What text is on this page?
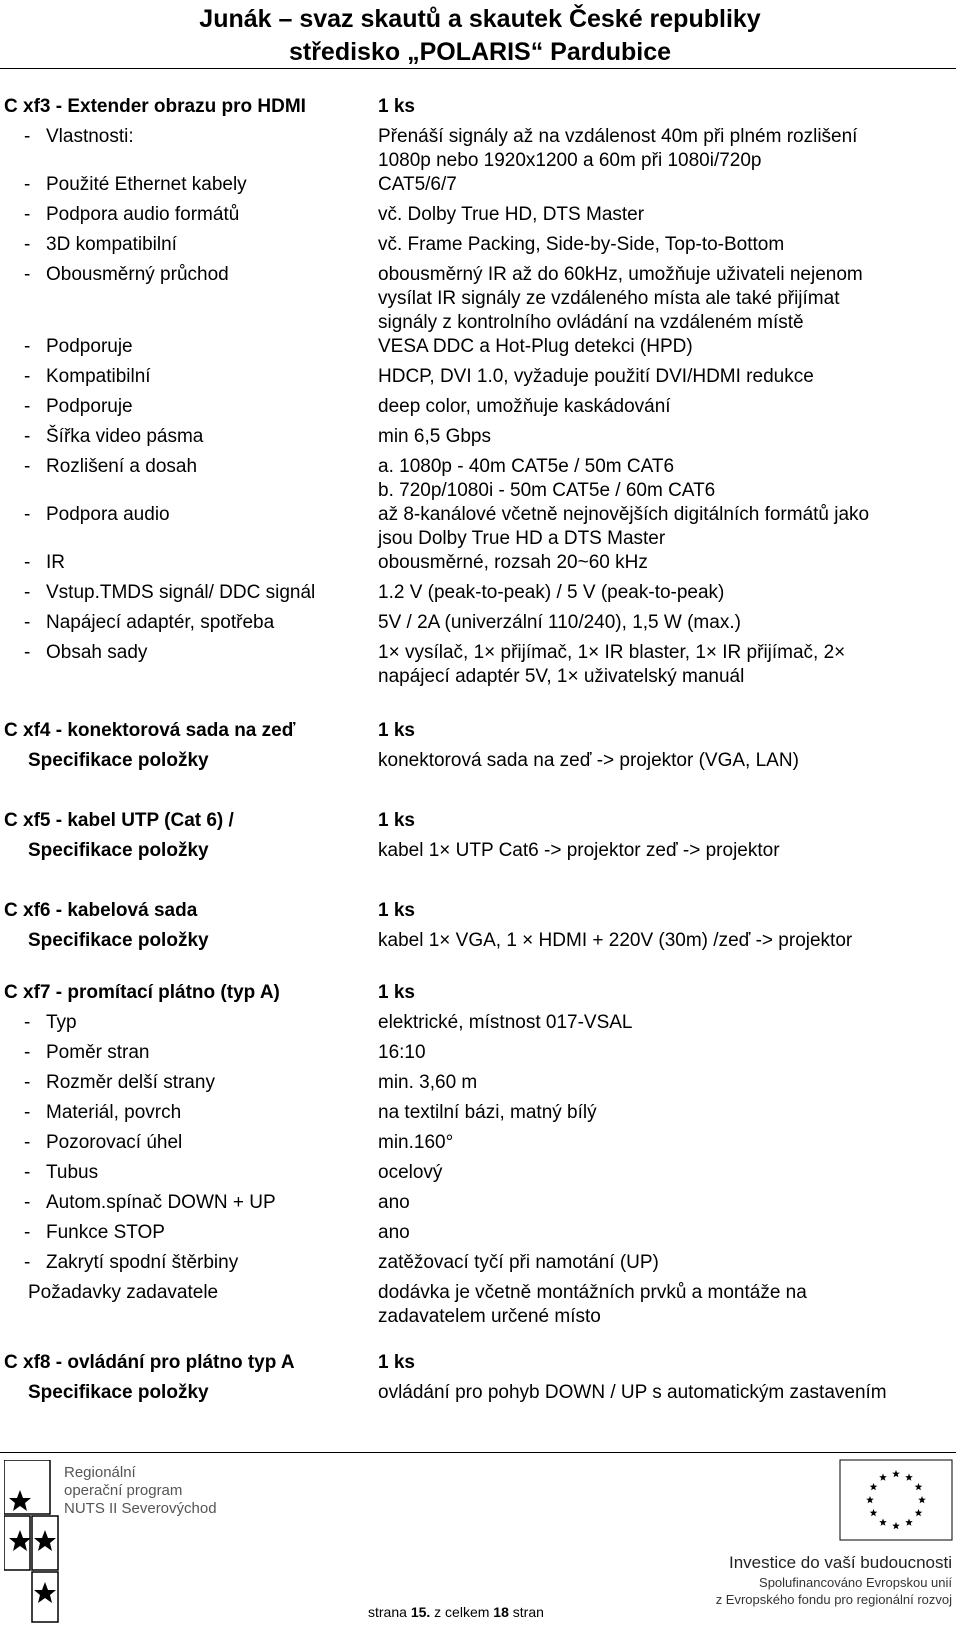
Junák – svaz skautů a skautek České republiky
středisko „POLARIS“ Pardubice
C xf3 - Extender obrazu pro HDMI	1 ks
- Vlastnosti:	Přenáší signály až na vzdálenost 40m při plném rozlišení
1080p nebo 1920x1200 a 60m při 1080i/720p
- Použité Ethernet kabely	CAT5/6/7
- Podpora audio formátů	vč. Dolby True HD, DTS Master
- 3D kompatibilní	vč. Frame Packing, Side-by-Side, Top-to-Bottom
- Obousměrný průchod	obousměrný IR až do 60kHz, umožňuje uživateli nejenom
vysílat IR signály ze vzdáleného místa ale také přijímat
signály z kontrolního ovládání na vzdáleném místě
- Podporuje	VESA DDC a Hot-Plug detekci (HPD)
- Kompatibilní	HDCP, DVI 1.0, vyžaduje použití DVI/HDMI redukce
- Podporuje	deep color, umožňuje kaskádování
- Šířka video pásma	min 6,5 Gbps
- Rozlišení a dosah	a. 1080p - 40m CAT5e / 50m CAT6
b. 720p/1080i - 50m CAT5e / 60m CAT6
- Podpora audio	až 8-kanálové včetně nejnovějších digitálních formátů jako
jsou Dolby True HD a DTS Master
- IR	obousměrné, rozsah 20~60 kHz
- Vstup.TMDS signál/ DDC signál	1.2 V (peak-to-peak) / 5 V (peak-to-peak)
- Napájecí adaptér, spotřeba	5V / 2A (univerzální 110/240), 1,5 W (max.)
- Obsah sady	1× vysílač, 1× přijímač, 1× IR blaster, 1× IR přijímač, 2×
napájecí adaptér 5V, 1× uživatelský manuál
C xf4 - konektorová sada na zeď	1 ks
Specifikace položky	konektorová sada na zeď -> projektor (VGA, LAN)
C xf5 - kabel UTP (Cat 6) /	1 ks
Specifikace položky	kabel 1× UTP Cat6 -> projektor zeď -> projektor
C xf6 - kabelová sada	1 ks
Specifikace položky	kabel 1× VGA, 1 × HDMI + 220V (30m) /zeď -> projektor
C xf7 - promítací plátno (typ A)	1 ks
- Typ	elektrické, místnost 017-VSAL
- Poměr stran	16:10
- Rozměr delší strany	min. 3,60 m
- Materiál, povrch	na textilní bázi, matný bílý
- Pozorovací úhel	min.160°
- Tubus	ocelový
- Autom.spínač DOWN + UP	ano
- Funkce STOP	ano
- Zakrytí spodní štěrbiny	zatěžovací tyčí při namotání (UP)
Požadavky zadavatele	dodávka je včetně montážních prvků a montáže na
zadavatelem určené místo
C xf8 - ovládání pro plátno typ A	1 ks
Specifikace položky	ovládání pro pohyb DOWN / UP s automatickým zastavením
Regionální
operační program
NUTS II Severovýchod
strana 15. z celkem 18 stran
Investice do vaší budoucnosti
Spolufinancováno Evropskou unií
z Evropského fondu pro regionální rozvoj
